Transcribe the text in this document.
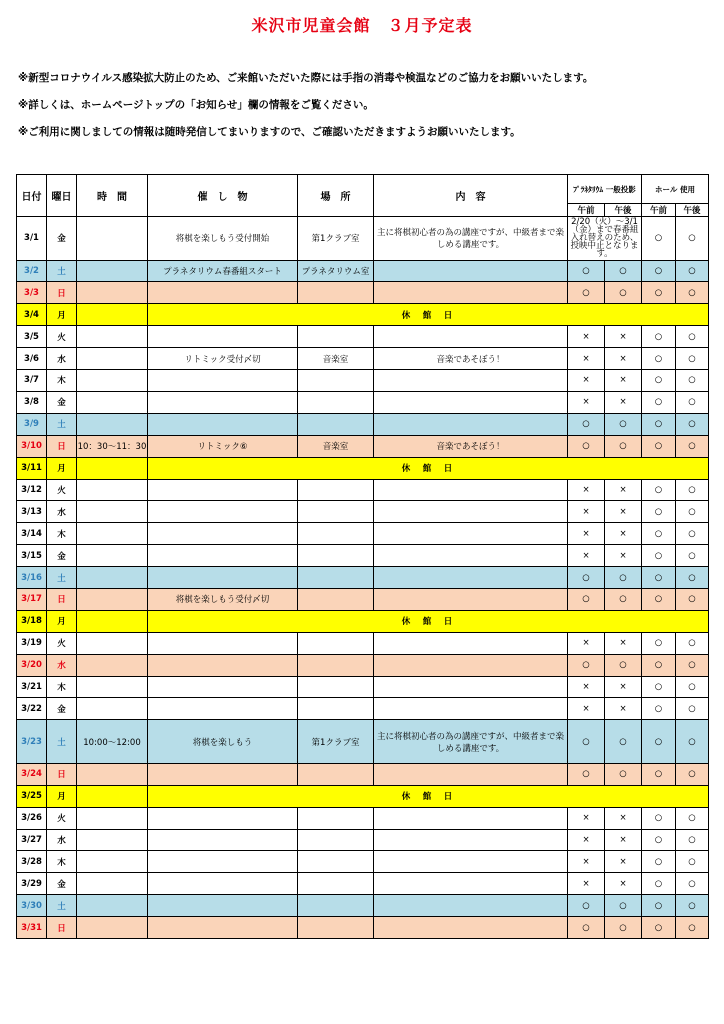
米沢市児童会館　３月予定表
※新型コロナウイルス感染拡大防止のため、ご来館いただいた際には手指の消毒や検温などのご協力をお願いいたします。
※詳しくは、ホームページトップの「お知らせ」欄の情報をご覧ください。
※ご利用に関しましての情報は随時発信してまいりますので、ご確認いただきますようお願いいたします。
日付	曜日	時　間	催　し　物	場　所	内　容	ﾌﾟﾗﾈﾀﾘｳﾑ 一般投影		ホール 使用	
						午前	午後	午前	午後
3/1	金		将棋を楽しもう受付開始	第1クラブ室	主に将棋初心者の為の講座ですが、中級者まで楽しめる講座です。	2/20（火）～3/1（金）まで春番組入れ替えのため、投映中止となります。		○	○
3/2	土		プラネタリウム春番組スタート	プラネタリウム室		○	○	○	○
3/3	日					○	○	○	○
3/4	月		休　館　日						
3/5	火					×	×	○	○
3/6	水		リトミック受付〆切	音楽室	音楽であそぼう！	×	×	○	○
3/7	木					×	×	○	○
3/8	金					×	×	○	○
3/9	土					○	○	○	○
3/10	日	10：30～11：30	リトミック⑥	音楽室	音楽であそぼう！	○	○	○	○
3/11	月		休　館　日						
3/12	火					×	×	○	○
3/13	水					×	×	○	○
3/14	木					×	×	○	○
3/15	金					×	×	○	○
3/16	土					○	○	○	○
3/17	日		将棋を楽しもう受付〆切			○	○	○	○
3/18	月		休　館　日						
3/19	火					×	×	○	○
3/20	水					○	○	○	○
3/21	木					×	×	○	○
3/22	金					×	×	○	○
3/23	土	10:00～12:00	将棋を楽しもう	第1クラブ室	主に将棋初心者の為の講座ですが、中級者まで楽しめる講座です。	○	○	○	○
3/24	日					○	○	○	○
3/25	月		休　館　日						
3/26	火					×	×	○	○
3/27	水					×	×	○	○
3/28	木					×	×	○	○
3/29	金					×	×	○	○
3/30	土					○	○	○	○
3/31	日					○	○	○	○
